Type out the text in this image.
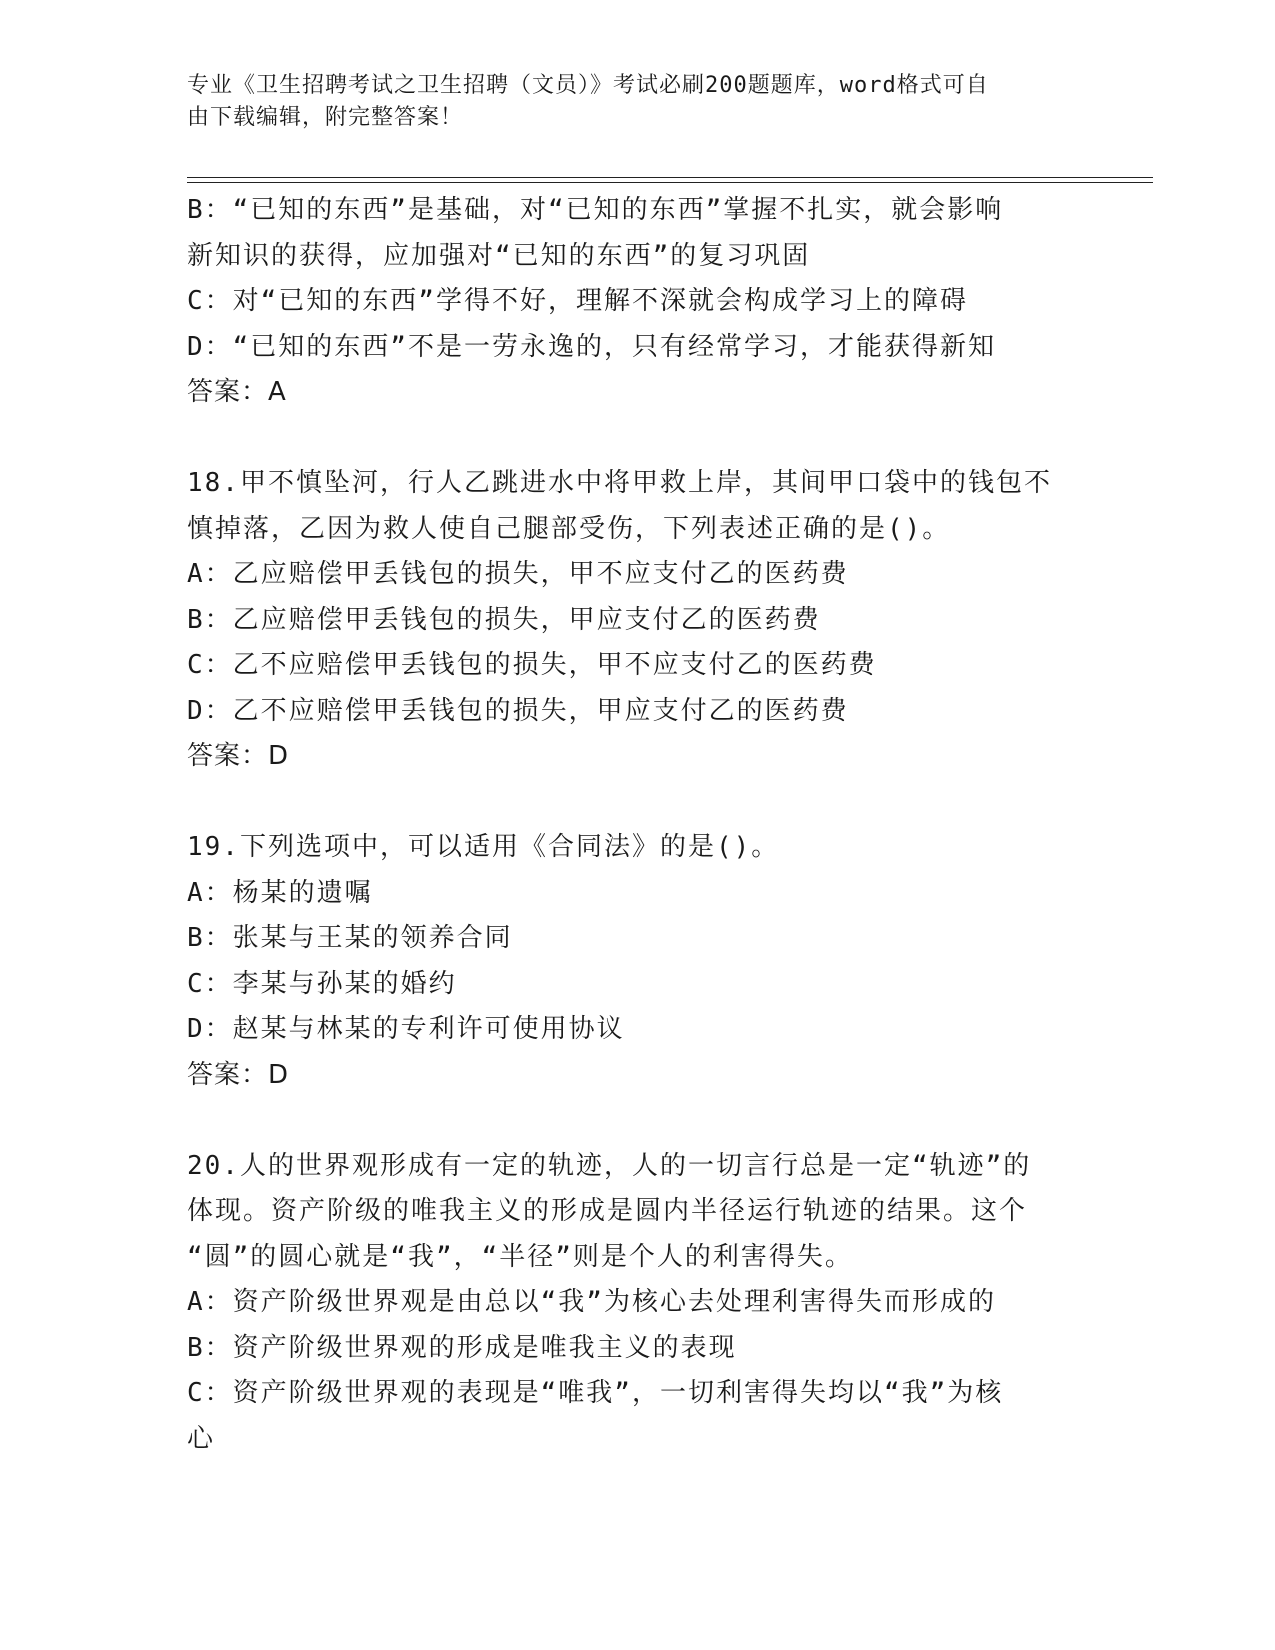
专业《卫生招聘考试之卫生招聘（文员）》考试必刷200题题库，word格式可自
由下载编辑，附完整答案！
B：“已知的东西”是基础，对“已知的东西”掌握不扎实，就会影响
新知识的获得，应加强对“已知的东西”的复习巩固
C：对“已知的东西”学得不好，理解不深就会构成学习上的障碍
D：“已知的东西”不是一劳永逸的，只有经常学习，才能获得新知
答案：A
18.甲不慎坠河，行人乙跳进水中将甲救上岸，其间甲口袋中的钱包不
慎掉落，乙因为救人使自己腿部受伤，下列表述正确的是()。
A：乙应赔偿甲丢钱包的损失，甲不应支付乙的医药费
B：乙应赔偿甲丢钱包的损失，甲应支付乙的医药费
C：乙不应赔偿甲丢钱包的损失，甲不应支付乙的医药费
D：乙不应赔偿甲丢钱包的损失，甲应支付乙的医药费
答案：D
19.下列选项中，可以适用《合同法》的是()。
A：杨某的遗嘱
B：张某与王某的领养合同
C：李某与孙某的婚约
D：赵某与林某的专利许可使用协议
答案：D
20.人的世界观形成有一定的轨迹，人的一切言行总是一定“轨迹”的
体现。资产阶级的唯我主义的形成是圆内半径运行轨迹的结果。这个
“圆”的圆心就是“我”，“半径”则是个人的利害得失。
A：资产阶级世界观是由总以“我”为核心去处理利害得失而形成的
B：资产阶级世界观的形成是唯我主义的表现
C：资产阶级世界观的表现是“唯我”，一切利害得失均以“我”为核
心
